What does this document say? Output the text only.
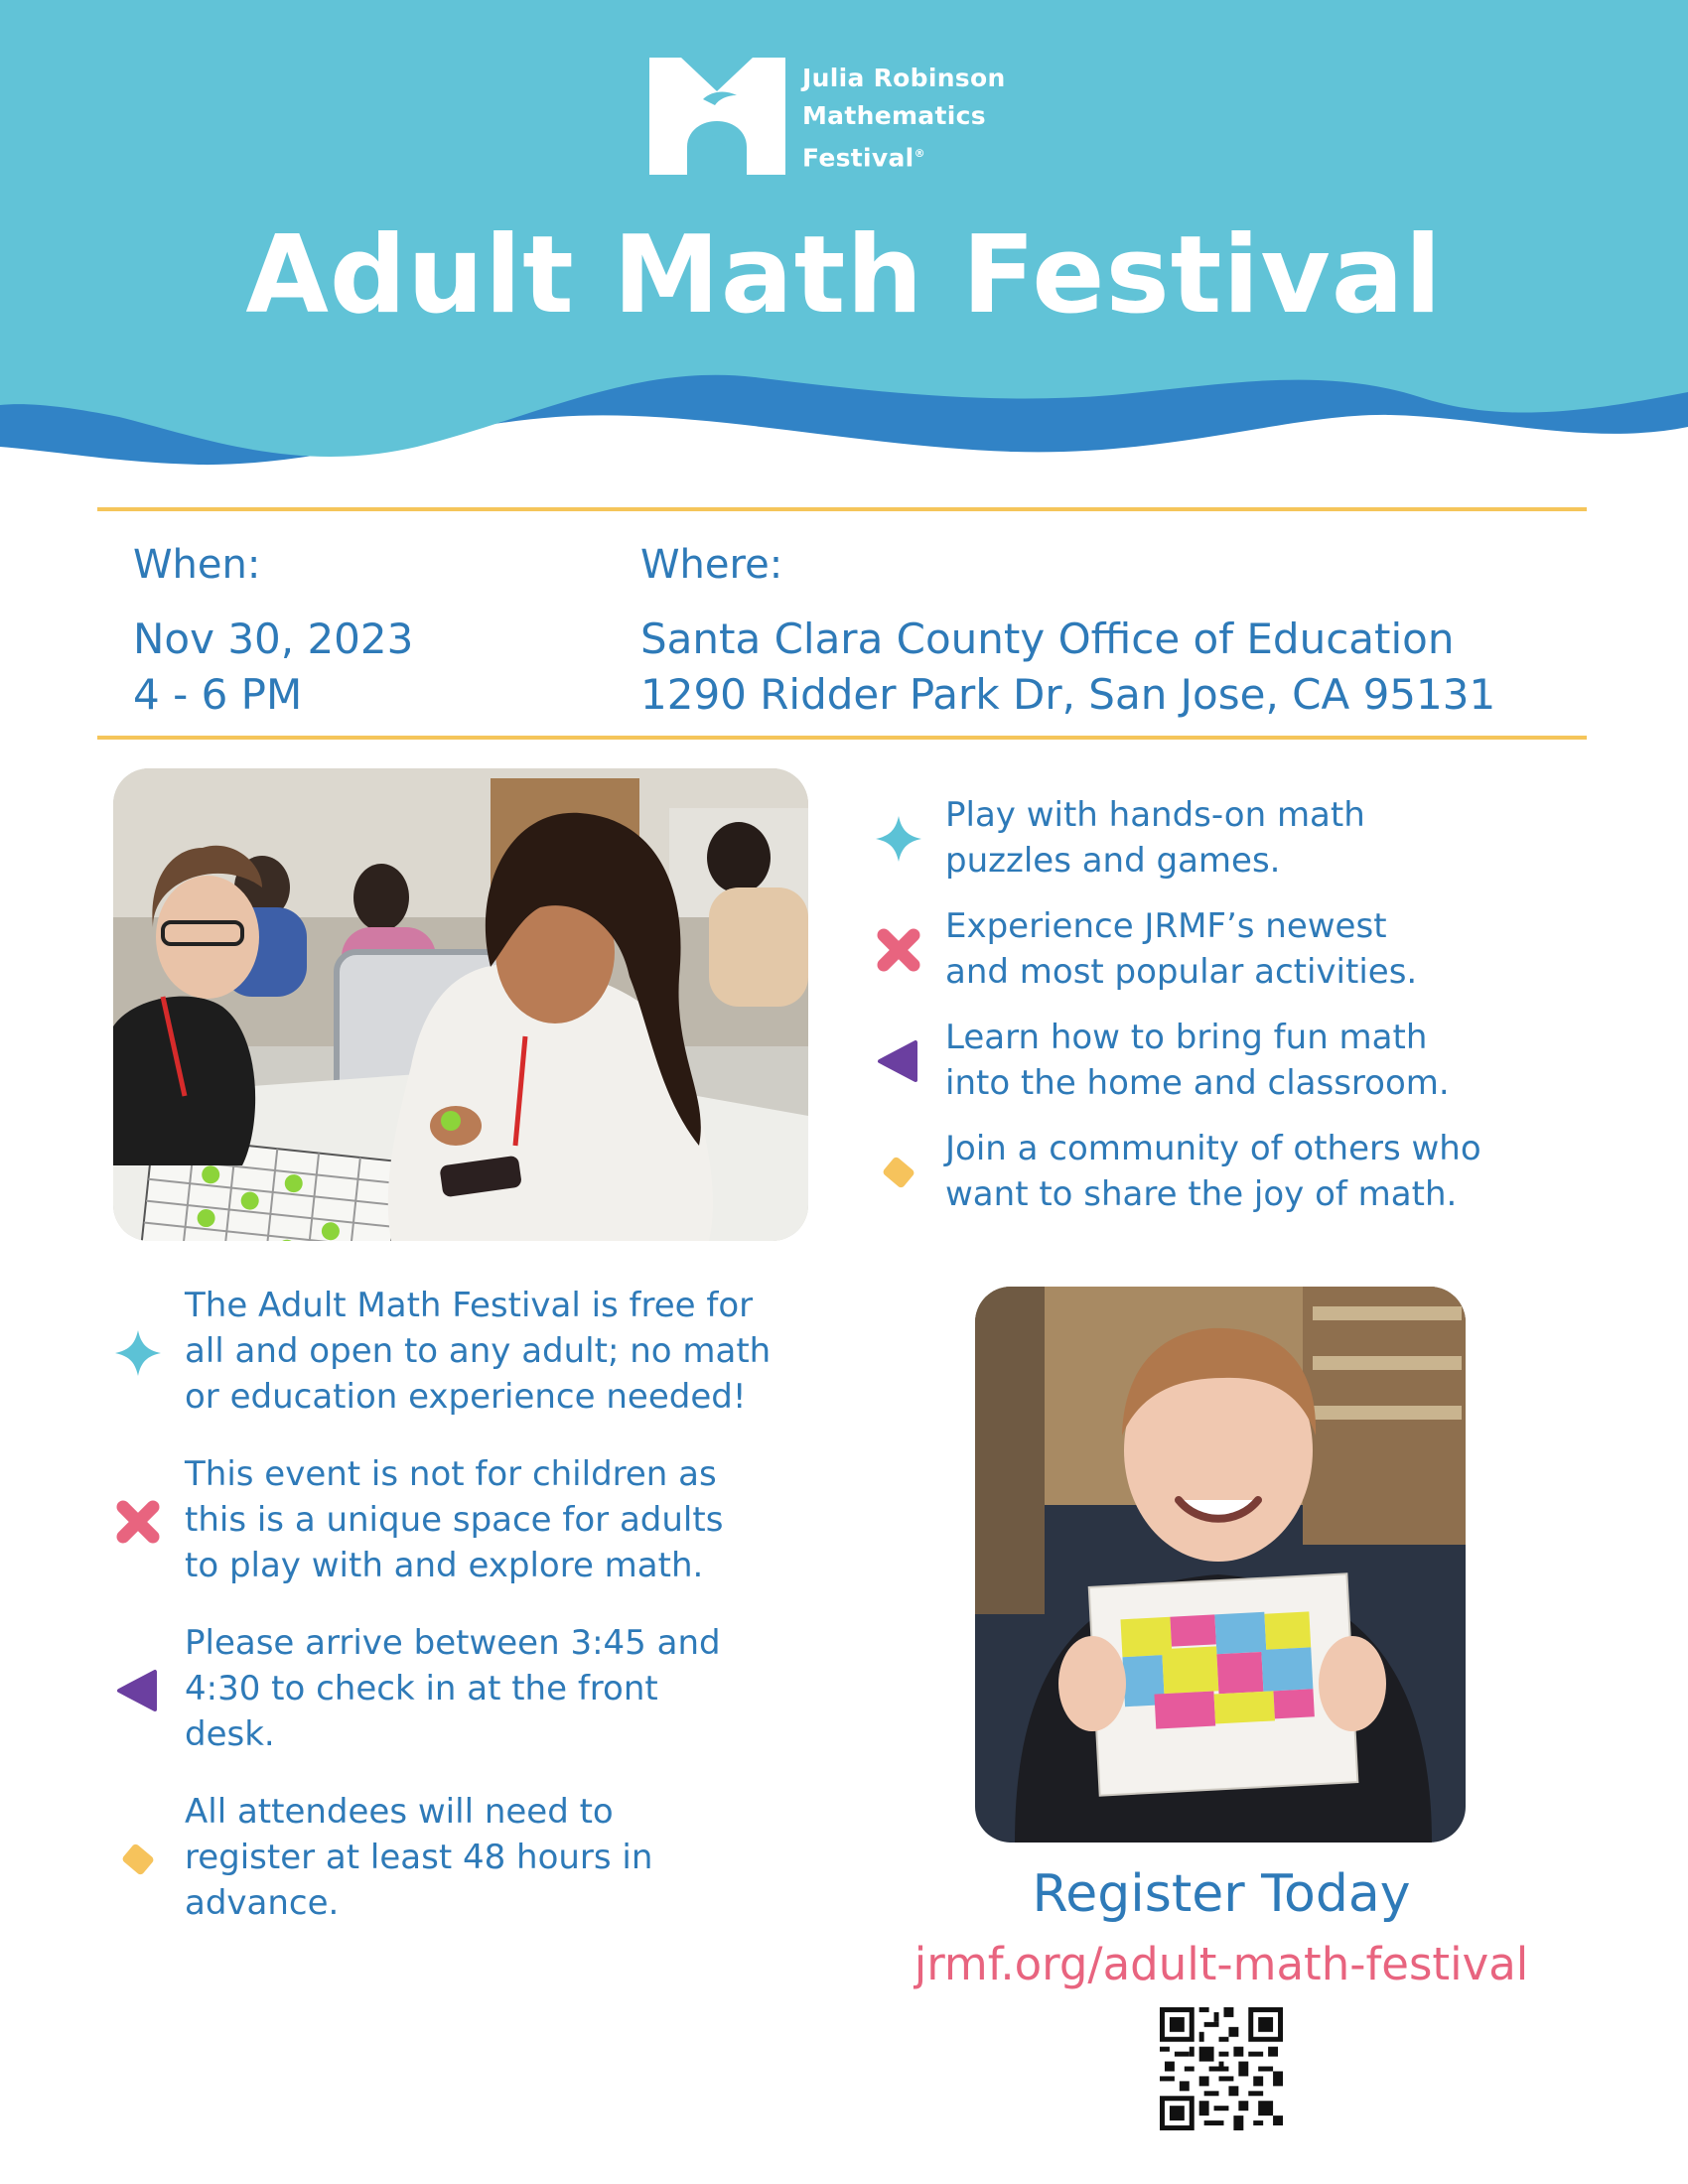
Julia Robinson
Mathematics
Festival®
Adult Math Festival
When:
Nov 30, 2023
4 - 6 PM
Where:
Santa Clara County Office of Education
1290 Ridder Park Dr, San Jose, CA 95131
Play with hands-on math
puzzles and games.
Experience JRMF’s newest
and most popular activities.
Learn how to bring fun math
into the home and classroom.
Join a community of others who
want to share the joy of math.
The Adult Math Festival is free for
all and open to any adult; no math
or education experience needed!
This event is not for children as
this is a unique space for adults
to play with and explore math.
Please arrive between 3:45 and
4:30 to check in at the front
desk.
All attendees will need to
register at least 48 hours in
advance.	Register Today
jrmf.org/adult-math-festival
